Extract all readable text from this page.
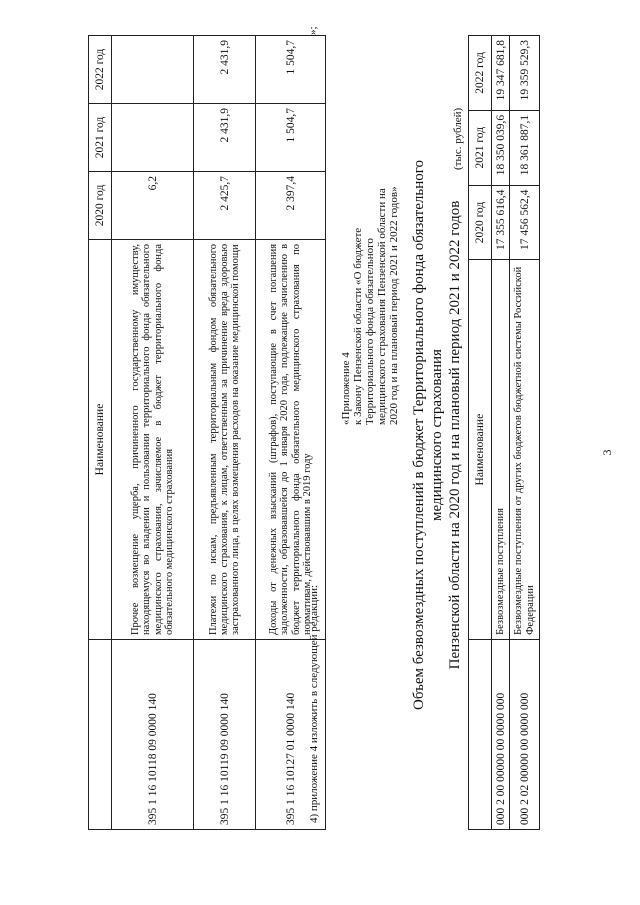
3
	Наименование	2020 год	2021 год	2022 год
395 1 16 10118 09 0000 140	Прочее возмещение ущерба, причиненного государственному имуществу, находящемуся во владении и пользовании территориального фонда обязательного медицинского страхования, зачисляемое в бюджет территориального фонда обязательного медицинского страхования	6,2		
395 1 16 10119 09 0000 140	Платежи по искам, предъявленным территориальным фондом обязательного медицинского страхования, к лицам, ответственным за причинение вреда здоровью застрахованного лица, в целях возмещения расходов на оказание медицинской помощи	2 425,7	2 431,9	2 431,9
395 1 16 10127 01 0000 140	Доходы от денежных взысканий (штрафов), поступающие в счет погашения задолженности, образовавшейся до 1 января 2020 года, подлежащие зачислению в бюджет территориального фонда обязательного медицинского страхования по нормативам, действовавшим в 2019 году	2 397,4	1 504,7	1 504,7
»;
4) приложение 4 изложить в следующей редакции:
«Приложение 4 к Закону Пензенской области «О бюджете Территориального фонда обязательного медицинского страхования Пензенской области на 2020 год и на плановый период 2021 и 2022 годов» Объем безвозмездных поступлений в бюджет Территориального фонда обязательного медицинского страхования Пензенской области на 2020 год и на плановый период 2021 и 2022 годов
(тыс. рублей)
	Наименование	2020 год	2021 год	2022 год
000 2 00 00000 00 0000 000	Безвозмездные поступления	17 355 616,4	18 350 039,6	19 347 681,8
000 2 02 00000 00 0000 000	Безвозмездные поступления от других бюджетов бюджетной системы Российской Федерации	17 456 562,4	18 361 887,1	19 359 529,3
